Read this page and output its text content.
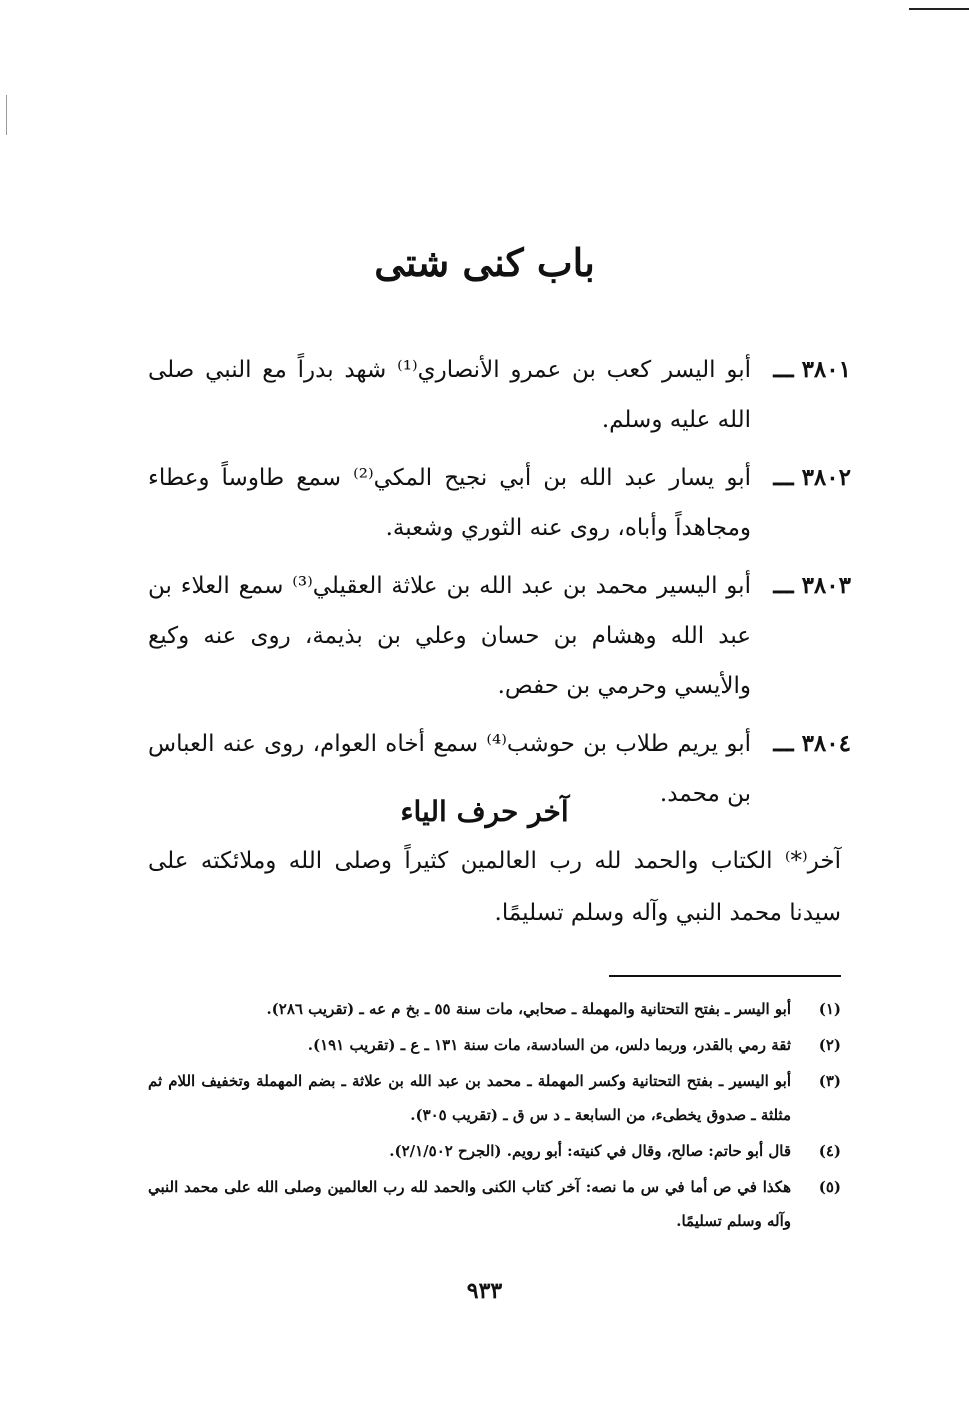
باب كنى شتى
٣٨٠١ ـــ
أبو اليسر كعب بن عمرو الأنصاري⁽¹⁾ شهد بدراً مع النبي صلى الله عليه وسلم.
٣٨٠٢ ـــ
أبو يسار عبد الله بن أبي نجيح المكي⁽²⁾ سمع طاوساً وعطاء ومجاهداً وأباه، روى عنه الثوري وشعبة.
٣٨٠٣ ـــ
أبو اليسير محمد بن عبد الله بن علاثة العقيلي⁽³⁾ سمع العلاء بن عبد الله وهشام بن حسان وعلي بن بذيمة، روى عنه وكيع والأيسي وحرمي بن حفص.
٣٨٠٤ ـــ
أبو يريم طلاب بن حوشب⁽⁴⁾ سمع أخاه العوام، روى عنه العباس بن محمد.
آخر حرف الياء
آخر⁽*⁾ الكتاب والحمد لله رب العالمين كثيراً وصلى الله وملائكته على سيدنا محمد النبي وآله وسلم تسليمًا.
(١)
أبو اليسر ـ بفتح التحتانية والمهملة ـ صحابي، مات سنة ٥٥ ـ بخ م عه ـ (تقريب ٢٨٦).
(٢)
ثقة رمي بالقدر، وربما دلس، من السادسة، مات سنة ١٣١ ـ ع ـ (تقريب ١٩١).
(٣)
أبو اليسير ـ بفتح التحتانية وكسر المهملة ـ محمد بن عبد الله بن علاثة ـ بضم المهملة وتخفيف اللام ثم مثلثة ـ صدوق يخطىء، من السابعة ـ د س ق ـ (تقريب ٣٠٥).
(٤)
قال أبو حاتم: صالح، وقال في كنيته: أبو رويم. (الجرح ٢/١/٥٠٢).
(٥)
هكذا في ص أما في س ما نصه: آخر كتاب الكنى والحمد لله رب العالمين وصلى الله على محمد النبي وآله وسلم تسليمًا.
٩٣٣
